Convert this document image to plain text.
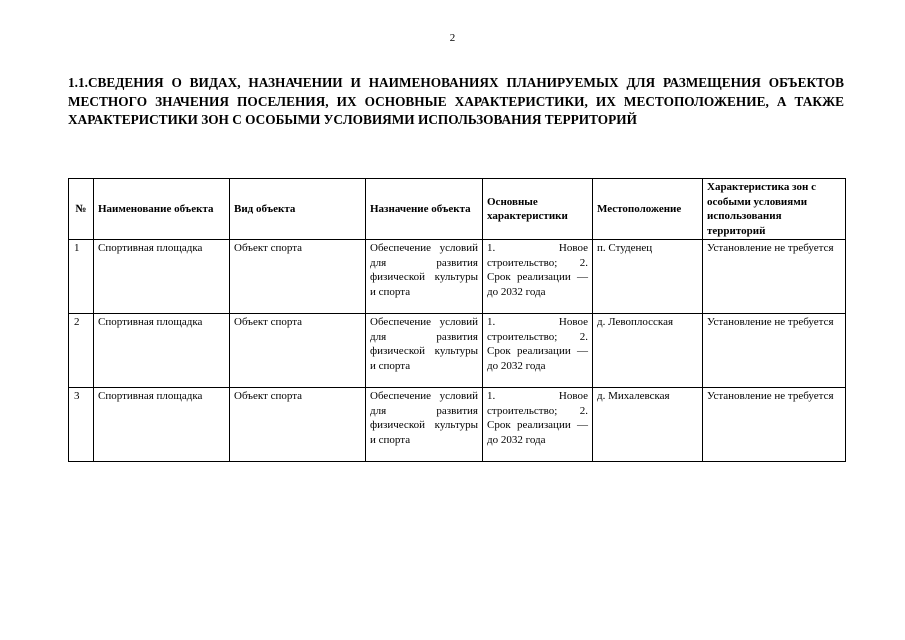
2
1.1.СВЕДЕНИЯ О ВИДАХ, НАЗНАЧЕНИИ И НАИМЕНОВАНИЯХ ПЛАНИРУЕМЫХ ДЛЯ РАЗМЕЩЕНИЯ ОБЪЕКТОВ МЕСТНОГО ЗНАЧЕНИЯ ПОСЕЛЕНИЯ, ИХ ОСНОВНЫЕ ХАРАКТЕРИСТИКИ, ИХ МЕСТОПОЛОЖЕНИЕ, А ТАКЖЕ ХАРАКТЕРИСТИКИ ЗОН С ОСОБЫМИ УСЛОВИЯМИ ИСПОЛЬЗОВАНИЯ ТЕРРИТОРИЙ
№	Наименование объекта	Вид объекта	Назначение объекта	Основные характеристики	Местоположение	Характеристика зон с особыми условиями использования территорий
1	Спортивная площадка	Объект спорта	Обеспечение условий для развития физической культуры и спорта	1. Новое строительство; 2. Срок реализации — до 2032 года	п. Студенец	Установление не требуется
2	Спортивная площадка	Объект спорта	Обеспечение условий для развития физической культуры и спорта	1. Новое строительство; 2. Срок реализации — до 2032 года	д. Левоплосская	Установление не требуется
3	Спортивная площадка	Объект спорта	Обеспечение условий для развития физической культуры и спорта	1. Новое строительство; 2. Срок реализации — до 2032 года	д. Михалевская	Установление не требуется
